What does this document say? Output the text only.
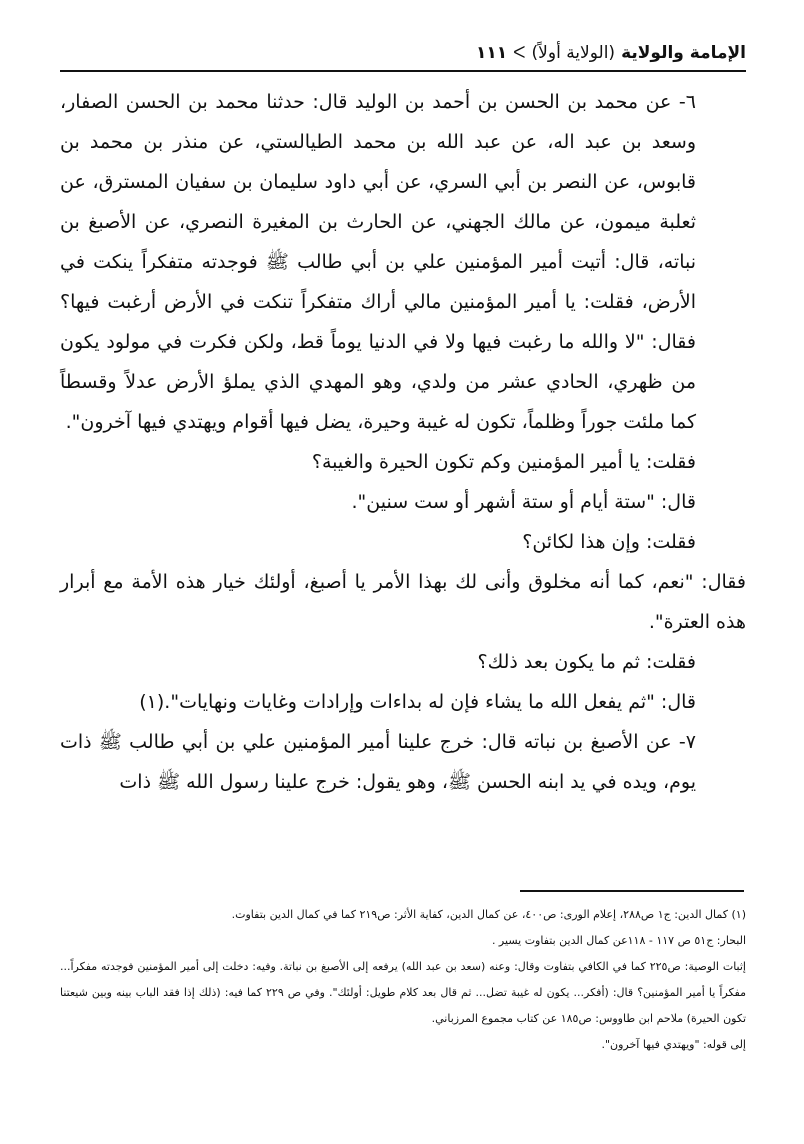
الإمامة والولاية
(الولاية أولاً)
ᐸ
١١١

٦- عن محمد بن الحسن بن أحمد بن الوليد قال: حدثنا محمد بن الحسن الصفار، وسعد بن عبد اله، عن عبد الله بن محمد الطيالستي، عن منذر بن محمد بن قابوس، عن النصر بن أبي السري، عن أبي داود سليمان بن سفيان المسترق، عن ثعلبة ميمون، عن مالك الجهني، عن الحارث بن المغيرة النصري، عن الأصبغ بن نباته، قال: أتيت أمير المؤمنين علي بن أبي طالب ﷺ فوجدته متفكراً ينكت في الأرض، فقلت: يا أمير المؤمنين مالي أراك متفكراً تنكت في الأرض أرغبت فيها؟ فقال: "لا والله ما رغبت فيها ولا في الدنيا يوماً قط، ولكن فكرت في مولود يكون من ظهري، الحادي عشر من ولدي، وهو المهدي الذي يملؤ الأرض عدلاً وقسطاً كما ملئت جوراً وظلماً، تكون له غيبة وحيرة، يضل فيها أقوام ويهتدي فيها آخرون".

فقلت: يا أمير المؤمنين وكم تكون الحيرة والغيبة؟

قال: "ستة أيام أو ستة أشهر أو ست سنين".

فقلت: وإن هذا لكائن؟

فقال: "نعم، كما أنه مخلوق وأنى لك بهذا الأمر يا أصبغ، أولئك خيار هذه الأمة مع أبرار هذه العترة".

فقلت: ثم ما يكون بعد ذلك؟

قال: "ثم يفعل الله ما يشاء فإن له بداءات وإرادات وغايات ونهايات".(١)

٧- عن الأصبغ بن نباته قال: خرج علينا أمير المؤمنين علي بن أبي طالب ﷺ ذات يوم، ويده في يد ابنه الحسن ﷺ، وهو يقول: خرج علينا رسول الله ﷺ ذات

(١) كمال الدين: ج١ ص٢٨٨، إعلام الورى: ص٤٠٠، عن كمال الدين، كفاية الأثر: ص٢١٩ كما في كمال الدين بتفاوت.

البحار: ج٥١ ص ١١٧ - ١١٨عن كمال الدين بتفاوت يسير .

إثبات الوصية: ص٢٢٥ كما في الكافي بتفاوت وقال: وعنه (سعد بن عبد الله) يرفعه إلى الأصبغ بن نباتة. وفيه: دخلت إلى أمير المؤمنين فوجدته مفكراً... مفكراً يا أمير المؤمنين؟ قال: (أفكر... يكون له غيبة تضل... ثم قال بعد كلام طويل: أولئك". وفي ص ٢٢٩ كما فيه: (ذلك إذا فقد الباب بينه وبين شيعتنا تكون الحيرة) ملاحم ابن طاووس: ص١٨٥ عن كتاب مجموع المرزباني.

إلى قوله: "ويهتدي فيها آخرون".
